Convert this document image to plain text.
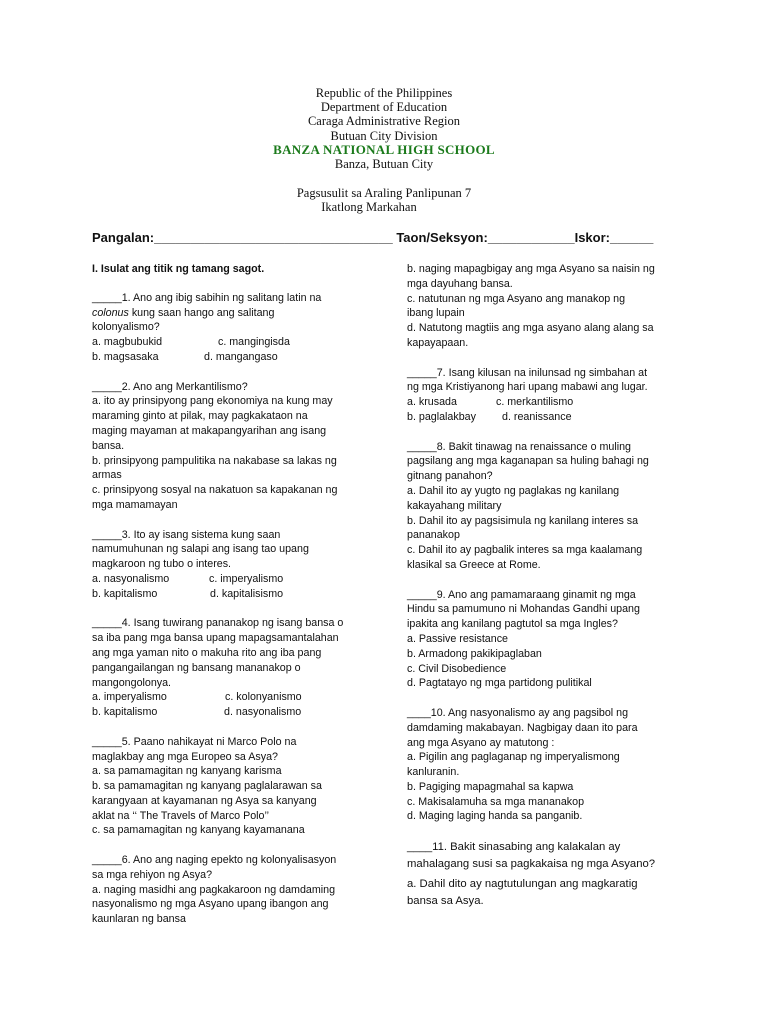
Republic of the Philippines
Department of Education
Caraga Administrative Region
Butuan City Division
BANZA NATIONAL HIGH SCHOOL
Banza, Butuan City
Pagsusulit sa Araling Panlipunan 7
Ikatlong Markahan
Pangalan:_________________________________ Taon/Seksyon:____________Iskor:______

I. Isulat ang titik ng tamang sagot.

_____1. Ano ang ibig sabihin ng salitang latin na

colonus kung saan hango ang salitang

kolonyalismo?

a. magbubukid	c. mangingisda
b. magsasaka	d. mangangaso

_____2. Ano ang Merkantilismo?

a. ito ay prinsipyong pang ekonomiya na kung may

maraming ginto at pilak, may pagkakataon na

maging mayaman at makapangyarihan ang isang

bansa.

b. prinsipyong pampulitika na nakabase sa lakas ng

armas

c. prinsipyong sosyal na nakatuon sa kapakanan ng

mga mamamayan

_____3. Ito ay isang sistema kung saan

namumuhunan ng salapi ang isang tao upang

magkaroon ng tubo o interes.

a. nasyonalismo	c. imperyalismo
b. kapitalismo	d. kapitalisismo

_____4. Isang tuwirang pananakop ng isang bansa o

sa iba pang mga bansa upang mapagsamantalahan

ang mga yaman nito o makuha rito ang iba pang

pangangailangan ng bansang mananakop o

mangongolonya.

a. imperyalismo	c. kolonyanismo
b. kapitalismo	d. nasyonalismo

_____5. Paano nahikayat ni Marco Polo na

maglakbay ang mga Europeo sa Asya?

a. sa pamamagitan ng kanyang karisma

b. sa pamamagitan ng kanyang paglalarawan sa

karangyaan at kayamanan ng Asya sa kanyang

aklat na ‘‘ The Travels of Marco Polo’’

c. sa pamamagitan ng kanyang kayamanana

_____6. Ano ang naging epekto ng kolonyalisasyon

sa mga rehiyon ng Asya?

a. naging masidhi ang pagkakaroon ng damdaming

nasyonalismo ng mga Asyano upang ibangon ang

kaunlaran ng bansa

b. naging mapagbigay ang mga Asyano sa naisin ng

mga dayuhang bansa.

c. natutunan ng mga Asyano ang manakop ng

ibang lupain

d. Natutong magtiis ang mga asyano alang alang sa

kapayapaan.

_____7. Isang kilusan na inilunsad ng simbahan at

ng mga Kristiyanong hari upang mabawi ang lugar.

a. krusada	c. merkantilismo
b. paglalakbay	d. reanissance

_____8. Bakit tinawag na renaissance o muling

pagsilang ang mga kaganapan sa huling bahagi ng

gitnang panahon?

a. Dahil ito ay yugto ng paglakas ng kanilang

kakayahang military

b. Dahil ito ay pagsisimula ng kanilang interes sa

pananakop

c. Dahil ito ay pagbalik interes sa mga kaalamang

klasikal sa Greece at Rome.

_____9. Ano ang pamamaraang ginamit ng mga

Hindu sa pamumuno ni Mohandas Gandhi upang

ipakita ang kanilang pagtutol sa mga Ingles?

a. Passive resistance

b. Armadong pakikipaglaban

c. Civil Disobedience

d. Pagtatayo ng mga partidong pulitikal

____10. Ang nasyonalismo ay ang pagsibol ng

damdaming makabayan. Nagbigay daan ito para

ang mga Asyano ay matutong :

a. Pigilin ang paglaganap ng imperyalismong

kanluranin.

b. Pagiging mapagmahal sa kapwa

c. Makisalamuha sa mga mananakop

d. Maging laging handa sa panganib.

____11. Bakit sinasabing ang kalakalan ay

mahalagang susi sa pagkakaisa ng mga Asyano?

a. Dahil dito ay nagtutulungan ang magkaratig

bansa sa Asya.
